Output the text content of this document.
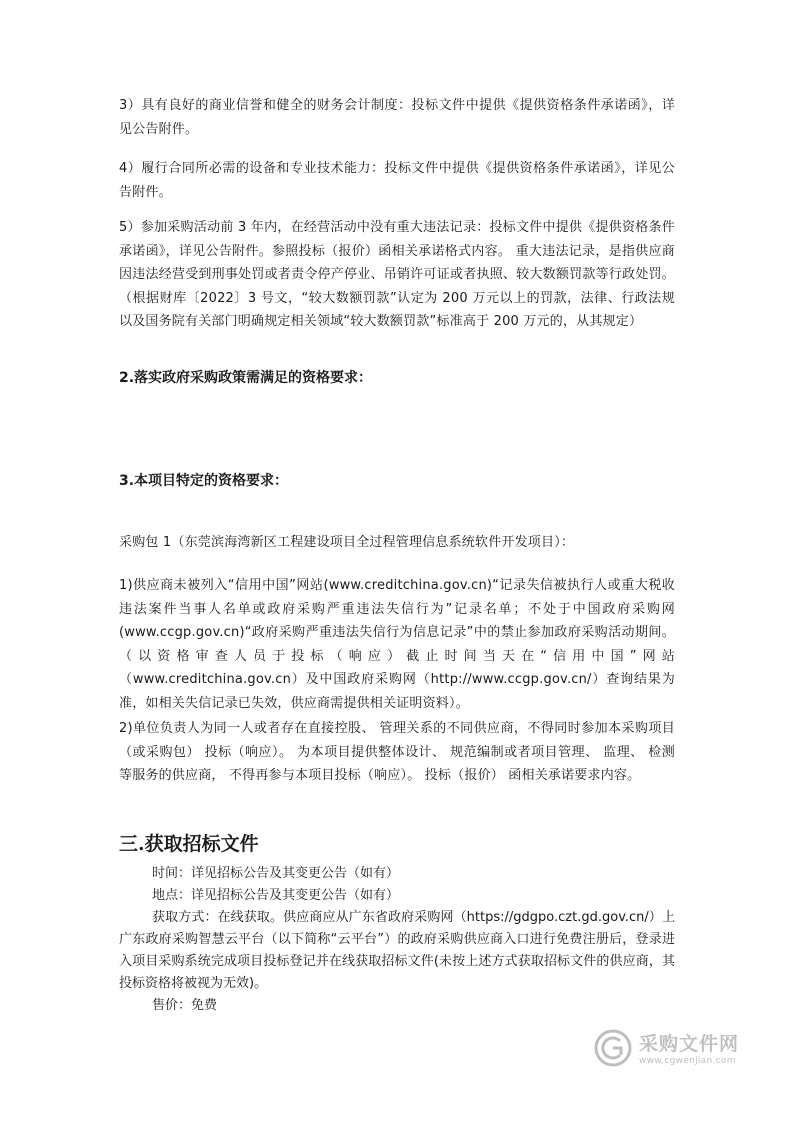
3）具有良好的商业信誉和健全的财务会计制度：投标文件中提供《提供资格条件承诺函》，详见公告附件。
4）履行合同所必需的设备和专业技术能力：投标文件中提供《提供资格条件承诺函》，详见公告附件。
5）参加采购活动前 3 年内，在经营活动中没有重大违法记录：投标文件中提供《提供资格条件承诺函》，详见公告附件。参照投标（报价）函相关承诺格式内容。 重大违法记录，是指供应商因违法经营受到刑事处罚或者责令停产停业、吊销许可证或者执照、较大数额罚款等行政处罚。（根据财库〔2022〕3 号文，“较大数额罚款”认定为 200 万元以上的罚款，法律、行政法规以及国务院有关部门明确规定相关领域“较大数额罚款”标准高于 200 万元的，从其规定）
2.落实政府采购政策需满足的资格要求：
3.本项目特定的资格要求：
采购包 1（东莞滨海湾新区工程建设项目全过程管理信息系统软件开发项目）：
1)供应商未被列入“信用中国”网站(www.creditchina.gov.cn)“记录失信被执行人或重大税收违法案件当事人名单或政府采购严重违法失信行为”记录名单；不处于中国政府采购网(www.ccgp.gov.cn)“政府采购严重违法失信行为信息记录”中的禁止参加政府采购活动期间。（以资格审查人员于投标（响应）截止时间当天在“信用中国”网站（www.creditchina.gov.cn）及中国政府采购网（http://www.ccgp.gov.cn/）查询结果为准，如相关失信记录已失效，供应商需提供相关证明资料）。
2)单位负责人为同一人或者存在直接控股、 管理关系的不同供应商，不得同时参加本采购项目（或采购包） 投标（响应）。 为本项目提供整体设计、 规范编制或者项目管理、 监理、 检测等服务的供应商， 不得再参与本项目投标（响应）。 投标（报价） 函相关承诺要求内容。
三.获取招标文件
时间：详见招标公告及其变更公告（如有）
地点：详见招标公告及其变更公告（如有）
获取方式：在线获取。供应商应从广东省政府采购网（https://gdgpo.czt.gd.gov.cn/）上广东政府采购智慧云平台（以下简称“云平台”）的政府采购供应商入口进行免费注册后，登录进入项目采购系统完成项目投标登记并在线获取招标文件(未按上述方式获取招标文件的供应商，其投标资格将被视为无效)。
售价：免费
采购文件网
www.cgwenjian.com
